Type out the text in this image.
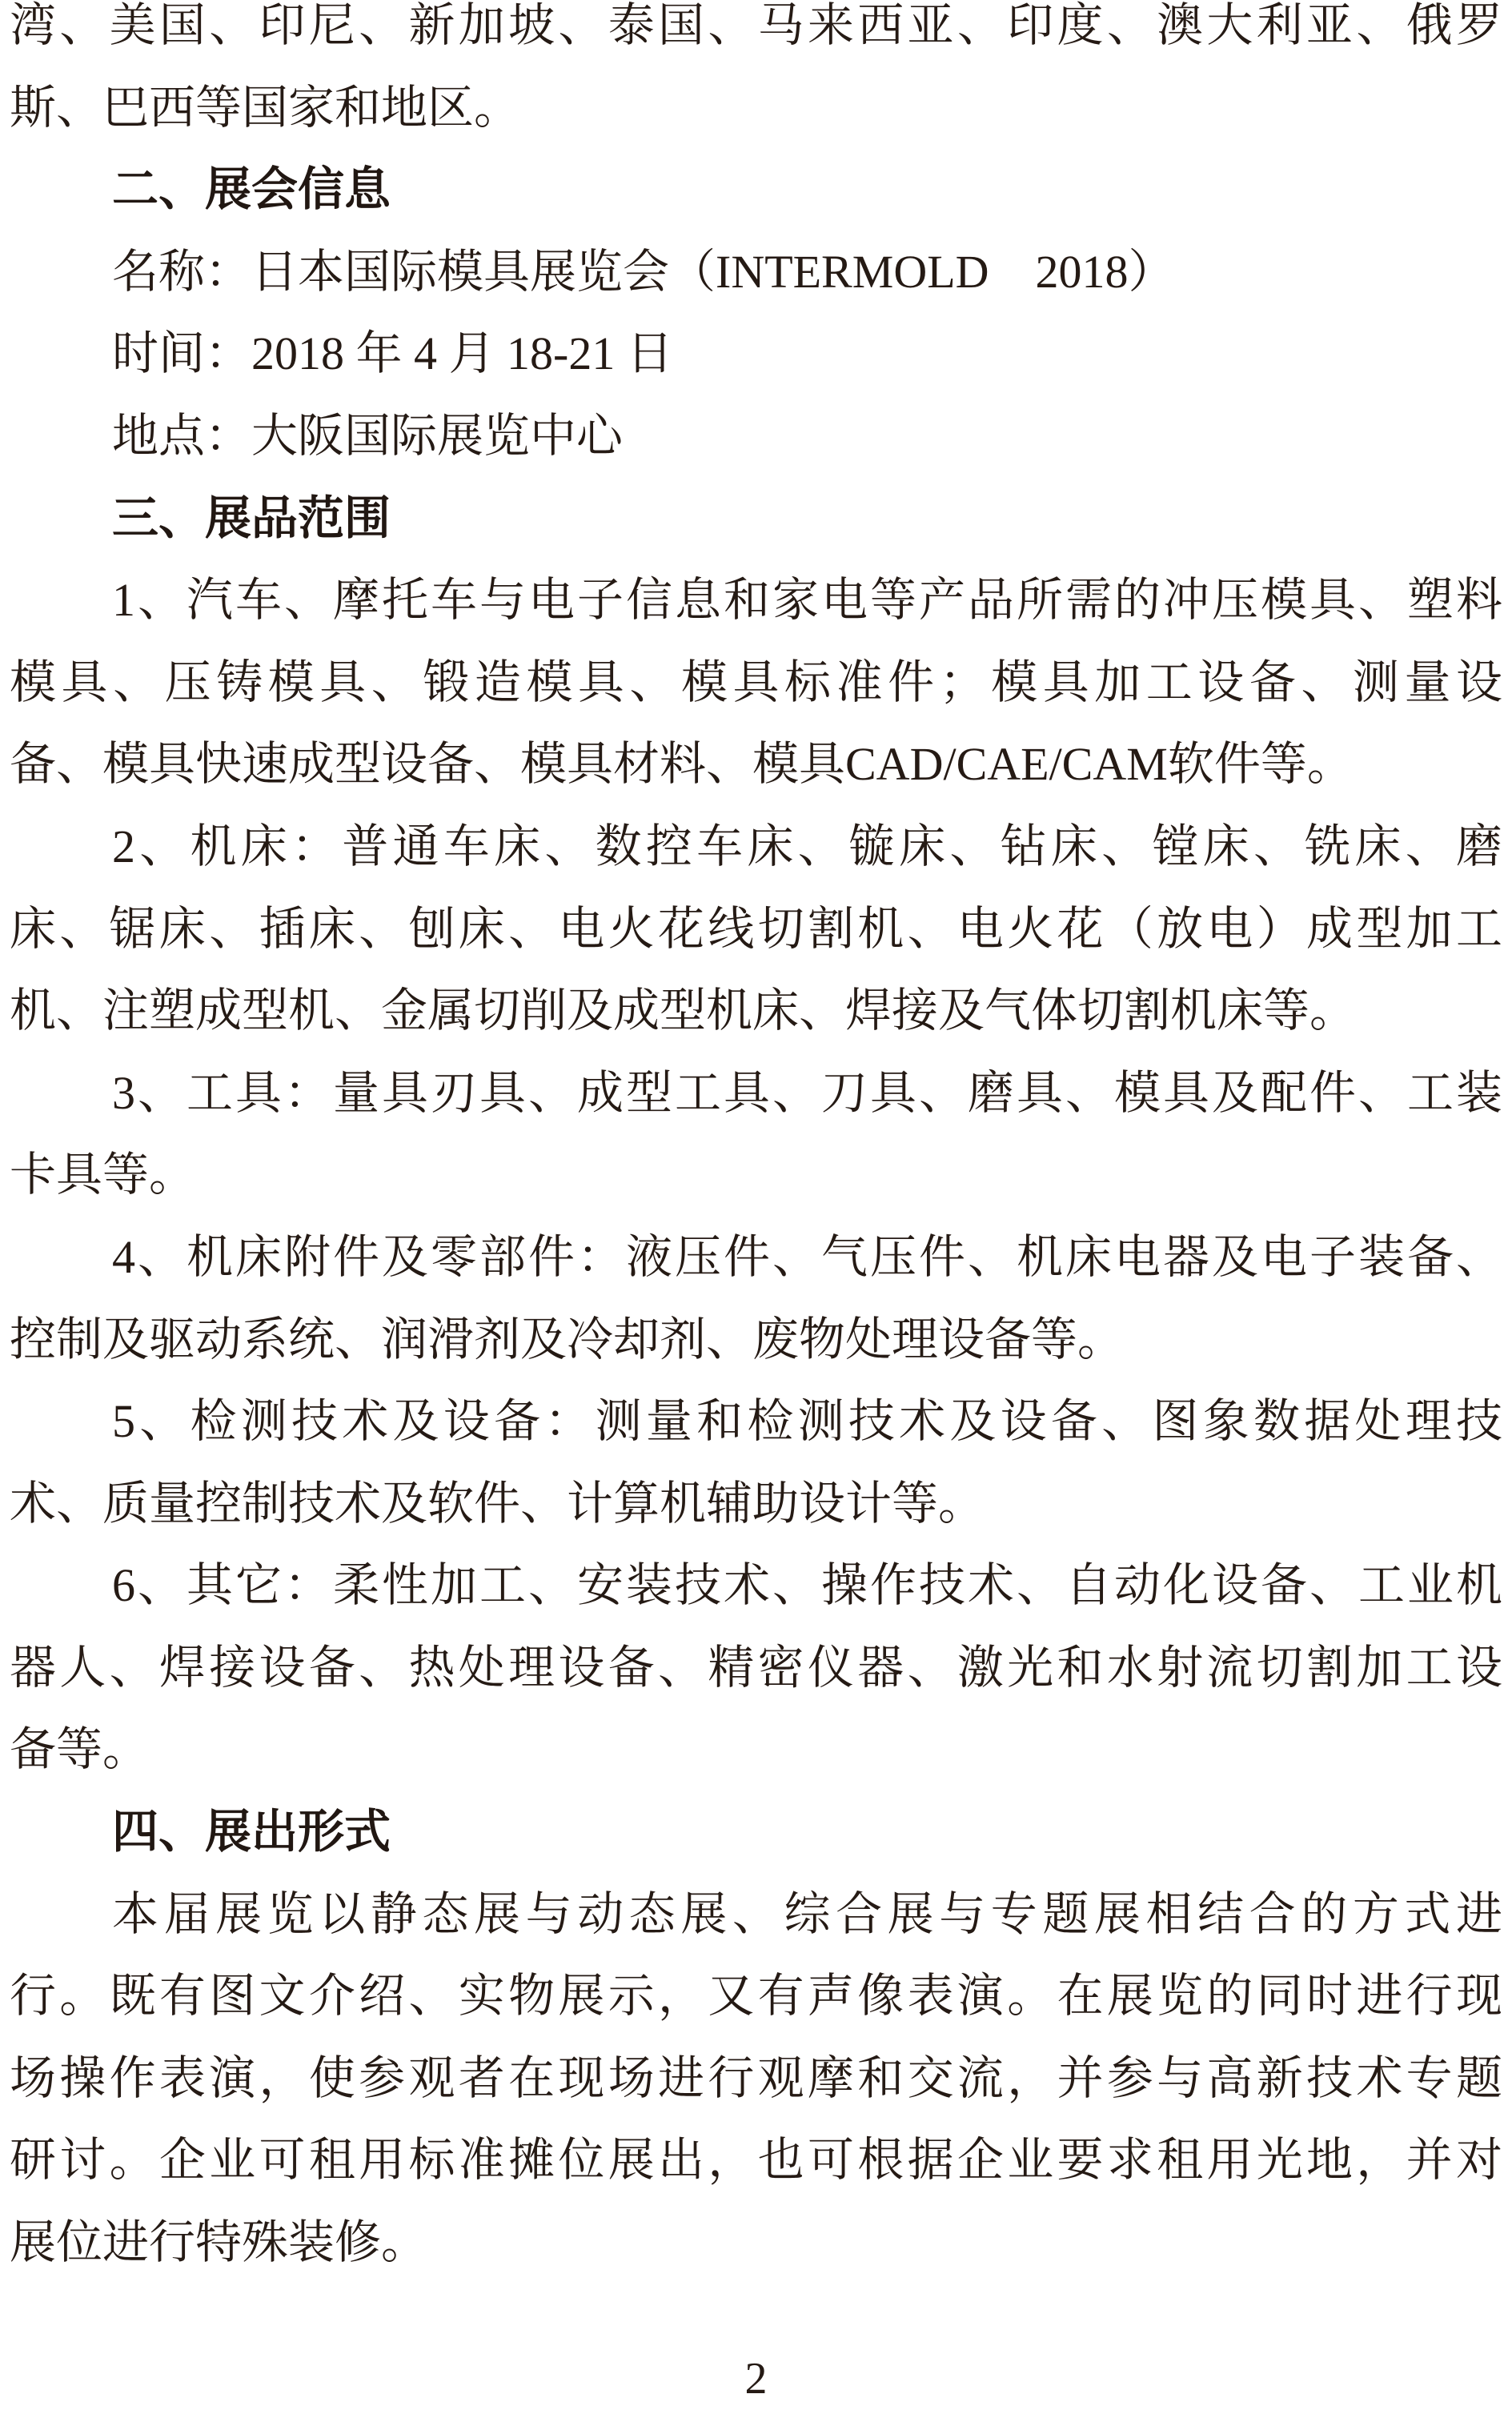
湾、美国、印尼、新加坡、泰国、马来西亚、印度、澳大利亚、俄罗
斯、巴西等国家和地区。
二、展会信息
名称：日本国际模具展览会（INTERMOLD　2018）
时间：2018 年 4 月 18-21 日
地点：大阪国际展览中心
三、展品范围
1、汽车、摩托车与电子信息和家电等产品所需的冲压模具、塑料
模具、压铸模具、锻造模具、模具标准件；模具加工设备、测量设
备、模具快速成型设备、模具材料、模具CAD/CAE/CAM软件等。
2、机床：普通车床、数控车床、镟床、钻床、镗床、铣床、磨
床、锯床、插床、刨床、电火花线切割机、电火花（放电）成型加工
机、注塑成型机、金属切削及成型机床、焊接及气体切割机床等。
3、工具：量具刃具、成型工具、刀具、磨具、模具及配件、工装
卡具等。
4、机床附件及零部件：液压件、气压件、机床电器及电子装备、
控制及驱动系统、润滑剂及冷却剂、废物处理设备等。
5、检测技术及设备：测量和检测技术及设备、图象数据处理技
术、质量控制技术及软件、计算机辅助设计等。
6、其它：柔性加工、安装技术、操作技术、自动化设备、工业机
器人、焊接设备、热处理设备、精密仪器、激光和水射流切割加工设
备等。
四、展出形式
本届展览以静态展与动态展、综合展与专题展相结合的方式进
行。既有图文介绍、实物展示，又有声像表演。在展览的同时进行现
场操作表演，使参观者在现场进行观摩和交流，并参与高新技术专题
研讨。企业可租用标准摊位展出，也可根据企业要求租用光地，并对
展位进行特殊装修。
2
